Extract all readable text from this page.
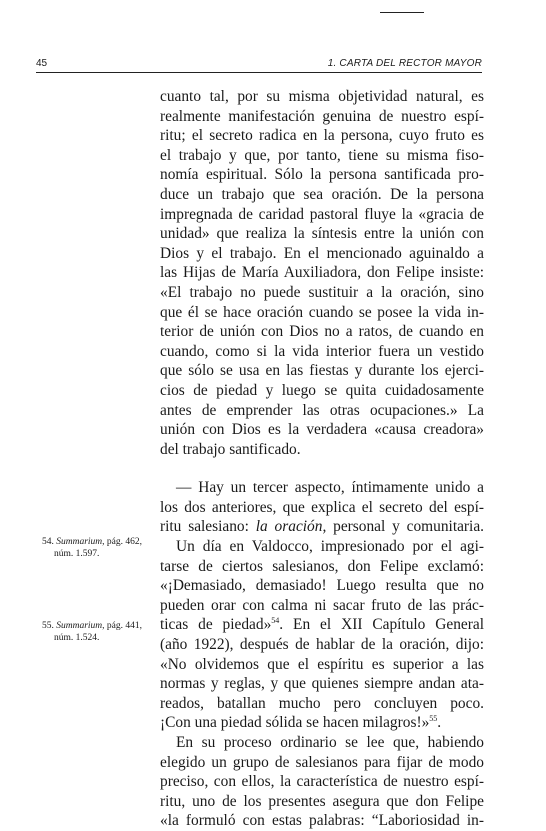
45	1. CARTA DEL RECTOR MAYOR
cuanto tal, por su misma objetividad natural, es
realmente manifestación genuina de nuestro espí-
ritu; el secreto radica en la persona, cuyo fruto es
el trabajo y que, por tanto, tiene su misma fiso-
nomía espiritual. Sólo la persona santificada pro-
duce un trabajo que sea oración. De la persona
impregnada de caridad pastoral fluye la «gracia de
unidad» que realiza la síntesis entre la unión con
Dios y el trabajo. En el mencionado aguinaldo a
las Hijas de María Auxiliadora, don Felipe insiste:
«El trabajo no puede sustituir a la oración, sino
que él se hace oración cuando se posee la vida in-
terior de unión con Dios no a ratos, de cuando en
cuando, como si la vida interior fuera un vestido
que sólo se usa en las fiestas y durante los ejerci-
cios de piedad y luego se quita cuidadosamente
antes de emprender las otras ocupaciones.» La
unión con Dios es la verdadera «causa creadora»
del trabajo santificado.
— Hay un tercer aspecto, íntimamente unido a
los dos anteriores, que explica el secreto del espí-
ritu salesiano: la oración, personal y comunitaria.
Un día en Valdocco, impresionado por el agi-
tarse de ciertos salesianos, don Felipe exclamó:
«¡Demasiado, demasiado! Luego resulta que no
pueden orar con calma ni sacar fruto de las prác-
ticas de piedad»$^{54}$. En el XII Capítulo General
(año 1922), después de hablar de la oración, dijo:
«No olvidemos que el espíritu es superior a las
normas y reglas, y que quienes siempre andan ata-
reados, batallan mucho pero concluyen poco.
¡Con una piedad sólida se hacen milagros!»$^{55}$.
En su proceso ordinario se lee que, habiendo
elegido un grupo de salesianos para fijar de modo
preciso, con ellos, la característica de nuestro espí-
ritu, uno de los presentes asegura que don Felipe
«la formuló con estas palabras: “Laboriosidad in-
54. Summarium, pág. 462,
núm. 1.597.
55. Summarium, pág. 441,
núm. 1.524.
